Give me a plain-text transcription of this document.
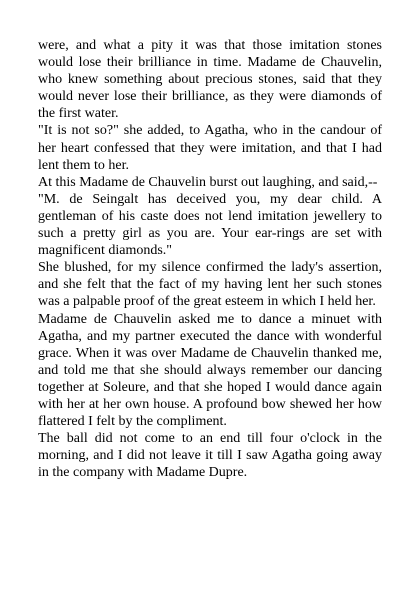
were, and what a pity it was that those imitation stones would lose their brilliance in time. Madame de Chauvelin, who knew something about precious stones, said that they would never lose their brilliance, as they were diamonds of the first water.

"It is not so?" she added, to Agatha, who in the candour of her heart confessed that they were imitation, and that I had lent them to her.

At this Madame de Chauvelin burst out laughing, and said,--

"M. de Seingalt has deceived you, my dear child. A gentleman of his caste does not lend imitation jewellery to such a pretty girl as you are. Your ear-rings are set with magnificent diamonds."

She blushed, for my silence confirmed the lady's assertion, and she felt that the fact of my having lent her such stones was a palpable proof of the great esteem in which I held her.

Madame de Chauvelin asked me to dance a minuet with Agatha, and my partner executed the dance with wonderful grace. When it was over Madame de Chauvelin thanked me, and told me that she should always remember our dancing together at Soleure, and that she hoped I would dance again with her at her own house. A profound bow shewed her how flattered I felt by the compliment.

The ball did not come to an end till four o'clock in the morning, and I did not leave it till I saw Agatha going away in the company with Madame Dupre.
